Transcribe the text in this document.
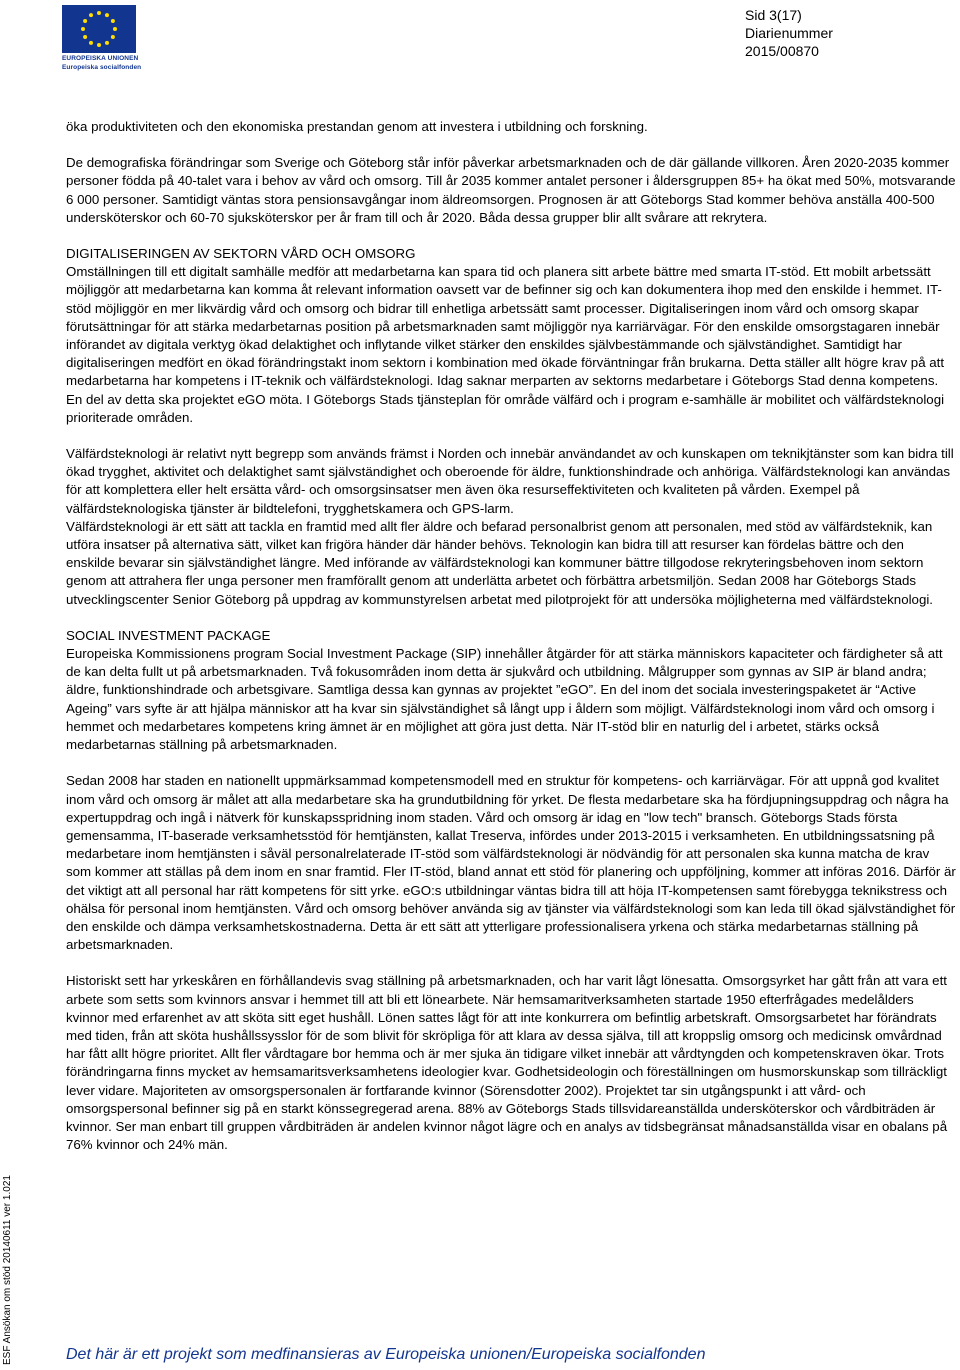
EUROPEISKA UNIONEN
Europeiska socialfonden
Sid 3(17)
Diarienummer
2015/00870

öka produktiviteten och den ekonomiska prestandan genom att investera i utbildning och forskning.

De demografiska förändringar som Sverige och Göteborg står inför påverkar arbetsmarknaden och de där gällande villkoren. Åren 2020-2035 kommer personer födda på 40-talet vara i behov av vård och omsorg. Till år 2035 kommer antalet personer i åldersgruppen 85+ ha ökat med 50%, motsvarande 6 000 personer. Samtidigt väntas stora pensionsavgångar inom äldreomsorgen. Prognosen är att Göteborgs Stad kommer behöva anställa 400-500 undersköterskor och 60-70 sjuksköterskor per år fram till och år 2020. Båda dessa grupper blir allt svårare att rekrytera.

DIGITALISERINGEN AV SEKTORN VÅRD OCH OMSORG

Omställningen till ett digitalt samhälle medför att medarbetarna kan spara tid och planera sitt arbete bättre med smarta IT-stöd. Ett mobilt arbetssätt möjliggör att medarbetarna kan komma åt relevant information oavsett var de befinner sig och kan dokumentera ihop med den enskilde i hemmet. IT-stöd möjliggör en mer likvärdig vård och omsorg och bidrar till enhetliga arbetssätt samt processer. Digitaliseringen inom vård och omsorg skapar förutsättningar för att stärka medarbetarnas position på arbetsmarknaden samt möjliggör nya karriärvägar. För den enskilde omsorgstagaren innebär införandet av digitala verktyg ökad delaktighet och inflytande vilket stärker den enskildes självbestämmande och självständighet. Samtidigt har digitaliseringen medfört en ökad förändringstakt inom sektorn i kombination med ökade förväntningar från brukarna. Detta ställer allt högre krav på att medarbetarna har kompetens i IT-teknik och välfärdsteknologi. Idag saknar merparten av sektorns medarbetare i Göteborgs Stad denna kompetens. En del av detta ska projektet eGO möta. I Göteborgs Stads tjänsteplan för område välfärd och i program e-samhälle är mobilitet och välfärdsteknologi prioriterade områden.

Välfärdsteknologi är relativt nytt begrepp som används främst i Norden och innebär användandet av och kunskapen om teknikjtänster som kan bidra till ökad trygghet, aktivitet och delaktighet samt självständighet och oberoende för äldre, funktionshindrade och anhöriga. Välfärdsteknologi kan användas för att komplettera eller helt ersätta vård- och omsorgsinsatser men även öka resurseffektiviteten och kvaliteten på vården. Exempel på välfärdsteknologiska tjänster är bildtelefoni, trygghetskamera och GPS-larm.

Välfärdsteknologi är ett sätt att tackla en framtid med allt fler äldre och befarad personalbrist genom att personalen, med stöd av välfärdsteknik, kan utföra insatser på alternativa sätt, vilket kan frigöra händer där händer behövs. Teknologin kan bidra till att resurser kan fördelas bättre och den enskilde bevarar sin självständighet längre. Med införande av välfärdsteknologi kan kommuner bättre tillgodose rekryteringsbehoven inom sektorn genom att attrahera fler unga personer men framförallt genom att underlätta arbetet och förbättra arbetsmiljön. Sedan 2008 har Göteborgs Stads utvecklingscenter Senior Göteborg på uppdrag av kommunstyrelsen arbetat med pilotprojekt för att undersöka möjligheterna med välfärdsteknologi.

SOCIAL INVESTMENT PACKAGE

Europeiska Kommissionens program Social Investment Package (SIP) innehåller åtgärder för att stärka människors kapaciteter och färdigheter så att de kan delta fullt ut på arbetsmarknaden. Två fokusområden inom detta är sjukvård och utbildning. Målgrupper som gynnas av SIP är bland andra; äldre, funktionshindrade och arbetsgivare. Samtliga dessa kan gynnas av projektet ”eGO”. En del inom det sociala investeringspaketet är “Active Ageing” vars syfte är att hjälpa människor att ha kvar sin självständighet så långt upp i åldern som möjligt. Välfärdsteknologi inom vård och omsorg i hemmet och medarbetares kompetens kring ämnet är en möjlighet att göra just detta. När IT-stöd blir en naturlig del i arbetet, stärks också medarbetarnas ställning på arbetsmarknaden.

Sedan 2008 har staden en nationellt uppmärksammad kompetensmodell med en struktur för kompetens- och karriärvägar. För att uppnå god kvalitet inom vård och omsorg är målet att alla medarbetare ska ha grundutbildning för yrket. De flesta medarbetare ska ha fördjupningsuppdrag och några ha expertuppdrag och ingå i nätverk för kunskapsspridning inom staden. Vård och omsorg är idag en "low tech" bransch. Göteborgs Stads första gemensamma, IT-baserade verksamhetsstöd för hemtjänsten, kallat Treserva, infördes under 2013-2015 i verksamheten. En utbildningssatsning på medarbetare inom hemtjänsten i såväl personalrelaterade IT-stöd som välfärdsteknologi är nödvändig för att personalen ska kunna matcha de krav som kommer att ställas på dem inom en snar framtid. Fler IT-stöd, bland annat ett stöd för planering och uppföljning, kommer att införas 2016. Därför är det viktigt att all personal har rätt kompetens för sitt yrke. eGO:s utbildningar väntas bidra till att höja IT-kompetensen samt förebygga teknikstress och ohälsa för personal inom hemtjänsten. Vård och omsorg behöver använda sig av tjänster via välfärdsteknologi som kan leda till ökad självständighet för den enskilde och dämpa verksamhetskostnaderna. Detta är ett sätt att ytterligare professionalisera yrkena och stärka medarbetarnas ställning på arbetsmarknaden.

Historiskt sett har yrkeskåren en förhållandevis svag ställning på arbetsmarknaden, och har varit lågt lönesatta. Omsorgsyrket har gått från att vara ett arbete som setts som kvinnors ansvar i hemmet till att bli ett lönearbete. När hemsamaritverksamheten startade 1950 efterfrågades medelålders kvinnor med erfarenhet av att sköta sitt eget hushåll. Lönen sattes lågt för att inte konkurrera om befintlig arbetskraft. Omsorgsarbetet har förändrats med tiden, från att sköta hushållssysslor för de som blivit för skröpliga för att klara av dessa själva, till att kroppslig omsorg och medicinsk omvårdnad har fått allt högre prioritet. Allt fler vårdtagare bor hemma och är mer sjuka än tidigare vilket innebär att vårdtyngden och kompetenskraven ökar. Trots förändringarna finns mycket av hemsamaritsverksamhetens ideologier kvar. Godhetsideologin och föreställningen om husmorskunskap som tillräckligt lever vidare. Majoriteten av omsorgspersonalen är fortfarande kvinnor (Sörensdotter 2002). Projektet tar sin utgångspunkt i att vård- och omsorgspersonal befinner sig på en starkt könssegregerad arena. 88% av Göteborgs Stads tillsvidareanställda undersköterskor och vårdbiträden är kvinnor. Ser man enbart till gruppen vårdbiträden är andelen kvinnor något lägre och en analys av tidsbegränsat månadsanställda visar en obalans på 76% kvinnor och 24% män.

ESF Ansökan om stöd 20140611 ver 1.021	Det här är ett projekt som medfinansieras av Europeiska unionen/Europeiska socialfonden
